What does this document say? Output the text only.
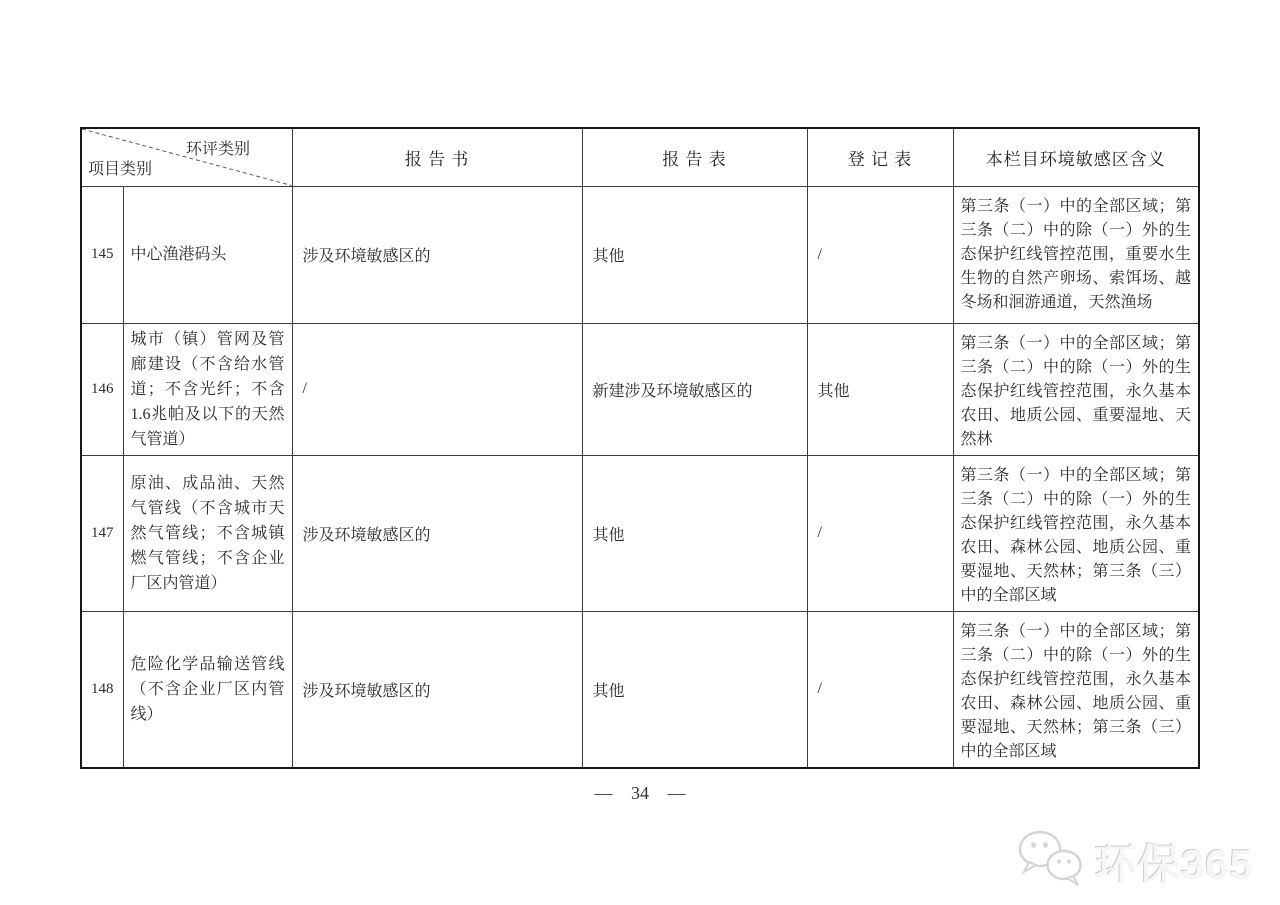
环评类别
项目类别		报 告 书	报 告 表	登 记 表	本栏目环境敏感区含义
145	中心渔港码头	涉及环境敏感区的	其他	/	第三条（一）中的全部区域；第三条（二）中的除（一）外的生态保护红线管控范围，重要水生生物的自然产卵场、索饵场、越冬场和洄游通道，天然渔场
146	城市（镇）管网及管廊建设（不含给水管道；不含光纤；不含1.6兆帕及以下的天然气管道）	/	新建涉及环境敏感区的	其他	第三条（一）中的全部区域；第三条（二）中的除（一）外的生态保护红线管控范围，永久基本农田、地质公园、重要湿地、天然林
147	原油、成品油、天然气管线（不含城市天然气管线；不含城镇燃气管线；不含企业厂区内管道）	涉及环境敏感区的	其他	/	第三条（一）中的全部区域；第三条（二）中的除（一）外的生态保护红线管控范围，永久基本农田、森林公园、地质公园、重要湿地、天然林；第三条（三）中的全部区域
148	危险化学品输送管线（不含企业厂区内管线）	涉及环境敏感区的	其他	/	第三条（一）中的全部区域；第三条（二）中的除（一）外的生态保护红线管控范围，永久基本农田、森林公园、地质公园、重要湿地、天然林；第三条（三）中的全部区域
— 34 —
环保365
